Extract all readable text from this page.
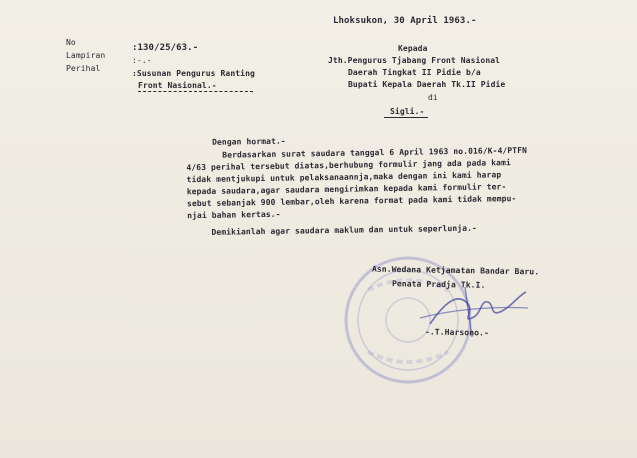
Lhoksukon, 30 April 1963.-
No
Lampiran
Perihal
:130/25/63.-
:-.-
:Susunan Pengurus Ranting
Front Nasional.-
Kepada
Jth.Pengurus Tjabang Front Nasional
Daerah Tingkat II Pidie b/a
Bupati Kepala Daerah Tk.II Pidie
di
Sigli.-
Dengan hormat.-
Berdasarkan surat saudara tanggal 6 April 1963 no.016/K-4/PTFN
4/63 perihal tersebut diatas,berhubung formulir jang ada pada kami
tidak mentjukupi untuk pelaksanaannja,maka dengan ini kami harap
kepada saudara,agar saudara mengirimkan kepada kami formulir ter-
sebut sebanjak 900 lembar,oleh karena format pada kami tidak mempu-
njai bahan kertas.-
Demikianlah agar saudara maklum dan untuk seperlunja.-
Asn.Wedana Ketjamatan Bandar Baru.
Penata Pradja Tk.I.
-.T.Harsono.-
